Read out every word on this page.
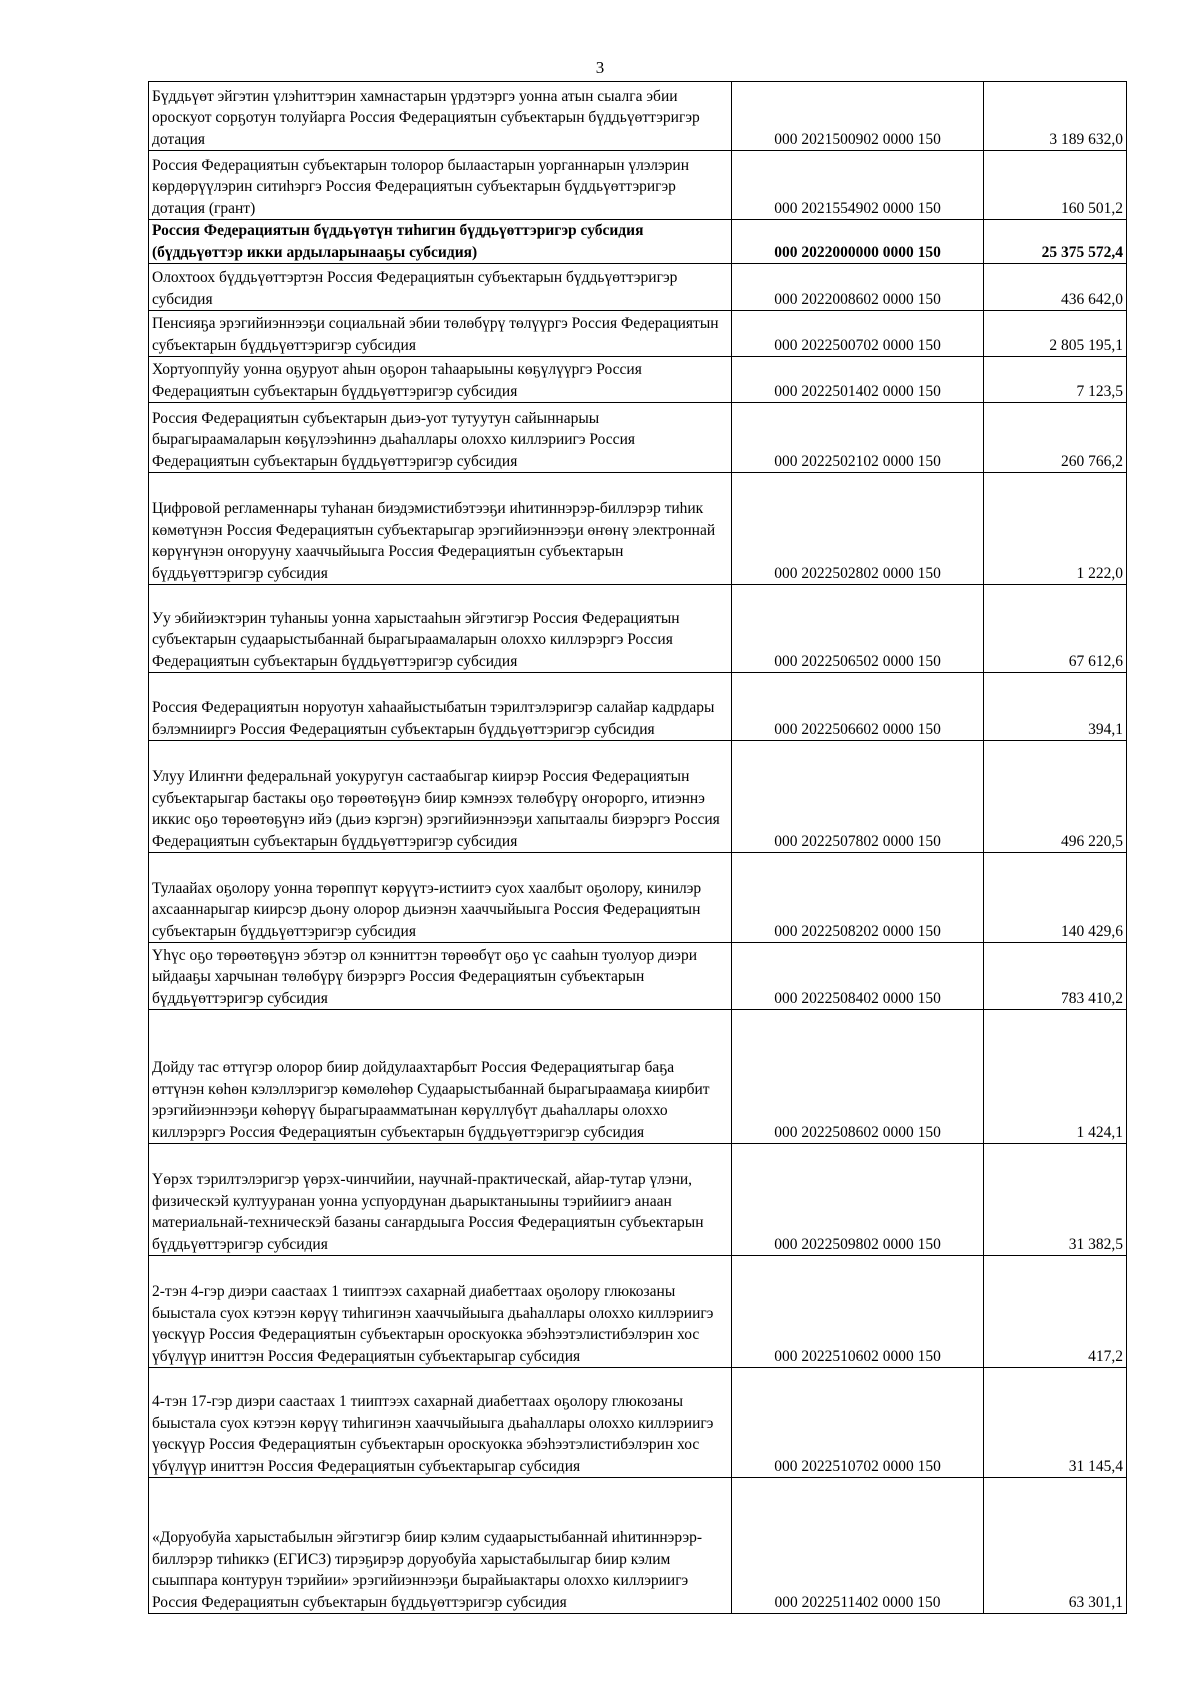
3
Бүддьүөт эйгэтин үлэһиттэрин хамнастарын үрдэтэргэ уонна атын сыалга эбии ороскуот сорҕотун толуйарга Россия Федерациятын субъектарын бүддьүөттэригэр дотация	000 2021500902 0000 150	3 189 632,0
Россия Федерациятын субъектарын толорор былаастарын уорганнарын үлэлэрин көрдөрүүлэрин ситиһэргэ Россия Федерациятын субъектарын бүддьүөттэригэр дотация (грант)	000 2021554902 0000 150	160 501,2
Россия Федерациятын бүддьүөтүн тиһигин бүддьүөттэригэр субсидия (бүддьүөттэр икки ардыларынааҕы субсидия)	000 2022000000 0000 150	25 375 572,4
Олохтоох бүддьүөттэртэн Россия Федерациятын субъектарын бүддьүөттэригэр субсидия	000 2022008602 0000 150	436 642,0
Пенсияҕа эрэгийиэннээҕи социальнай эбии төлөбүрү төлүүргэ Россия Федерациятын субъектарын бүддьүөттэригэр субсидия	000 2022500702 0000 150	2 805 195,1
Хортуоппуйу уонна оҕуруот аһын оҕорон таһаарыыны көҕүлүүргэ Россия Федерациятын субъектарын бүддьүөттэригэр субсидия	000 2022501402 0000 150	7 123,5
Россия Федерациятын субъектарын дьиэ-уот тутуутун сайыннарыы бырагыраамаларын көҕүлээһиннэ дьаһаллары олоххо киллэриигэ Россия Федерациятын субъектарын бүддьүөттэригэр субсидия	000 2022502102 0000 150	260 766,2
Цифровой регламеннары туһанан биэдэмистибэтээҕи иһитиннэрэр-биллэрэр тиһик көмөтүнэн Россия Федерациятын субъектарыгар эрэгийиэннээҕи өҥөнү электроннай көрүҥүнэн оҥорууну хааччыйыыга Россия Федерациятын субъектарын бүддьүөттэригэр субсидия	000 2022502802 0000 150	1 222,0
Уу эбийиэктэрин туһаныы уонна харыстааһын эйгэтигэр Россия Федерациятын субъектарын судаарыстыбаннай бырагыраамаларын олоххо киллэрэргэ Россия Федерациятын субъектарын бүддьүөттэригэр субсидия	000 2022506502 0000 150	67 612,6
Россия Федерациятын норуотун хаһаайыстыбатын тэрилтэлэригэр салайар кадрдары бэлэмнииргэ Россия Федерациятын субъектарын бүддьүөттэригэр субсидия	000 2022506602 0000 150	394,1
Улуу Илиҥҥи федеральнай уокуругун састаабыгар киирэр Россия Федерациятын субъектарыгар бастакы оҕо төрөөтөҕүнэ биир кэмнээх төлөбүрү оҥорорго, итиэннэ иккис оҕо төрөөтөҕүнэ ийэ (дьиэ кэргэн) эрэгийиэннээҕи хапытаалы биэрэргэ Россия Федерациятын субъектарын бүддьүөттэригэр субсидия	000 2022507802 0000 150	496 220,5
Тулаайах оҕолору уонна төрөппүт көрүүтэ-истиитэ суох хаалбыт оҕолору, кинилэр ахсааннарыгар киирсэр дьону олорор дьиэнэн хааччыйыыга Россия Федерациятын субъектарын бүддьүөттэригэр субсидия	000 2022508202 0000 150	140 429,6
Үһүс оҕо төрөөтөҕүнэ эбэтэр ол кэнниттэн төрөөбүт оҕо үс сааһын туолуор диэри ыйдааҕы харчынан төлөбүрү биэрэргэ Россия Федерациятын субъектарын бүддьүөттэригэр субсидия	000 2022508402 0000 150	783 410,2
Дойду тас өттүгэр олорор биир дойдулаахтарбыт Россия Федерациятыгар баҕа өттүнэн көһөн кэлэллэригэр көмөлөһөр Судаарыстыбаннай бырагыраамаҕа киирбит эрэгийиэннээҕи көһөрүү бырагыраамматынан көрүллүбүт дьаһаллары олоххо киллэрэргэ Россия Федерациятын субъектарын бүддьүөттэригэр субсидия	000 2022508602 0000 150	1 424,1
Үөрэх тэрилтэлэригэр үөрэх-чинчийии, научнай-практическай, айар-тутар үлэни, физическэй култууранан уонна успуордунан дьарыктаныыны тэрийиигэ анаан материальнай-техническэй базаны саҥардыыга Россия Федерациятын субъектарын бүддьүөттэригэр субсидия	000 2022509802 0000 150	31 382,5
2-тэн 4-гэр диэри саастаах 1 тииптээх сахарнай диабеттаах оҕолору глюкозаны быыстала суох кэтээн көрүү тиһигинэн хааччыйыыга дьаһаллары олоххо киллэриигэ үөскүүр Россия Федерациятын субъектарын ороскуокка эбэһээтэлистибэлэрин хос үбүлүүр иниттэн Россия Федерациятын субъектарыгар субсидия	000 2022510602 0000 150	417,2
4-тэн 17-гэр диэри саастаах 1 тииптээх сахарнай диабеттаах оҕолору глюкозаны быыстала суох кэтээн көрүү тиһигинэн хааччыйыыга дьаһаллары олоххо киллэриигэ үөскүүр Россия Федерациятын субъектарын ороскуокка эбэһээтэлистибэлэрин хос үбүлүүр иниттэн Россия Федерациятын субъектарыгар субсидия	000 2022510702 0000 150	31 145,4
«Доруобуйа харыстабылын эйгэтигэр биир кэлим судаарыстыбаннай иһитиннэрэр-биллэрэр тиһиккэ (ЕГИСЗ) тирэҕирэр доруобуйа харыстабылыгар биир кэлим сыыппара контурун тэрийии» эрэгийиэннээҕи бырайыактары олоххо киллэриигэ Россия Федерациятын субъектарын бүддьүөттэригэр субсидия	000 2022511402 0000 150	63 301,1
